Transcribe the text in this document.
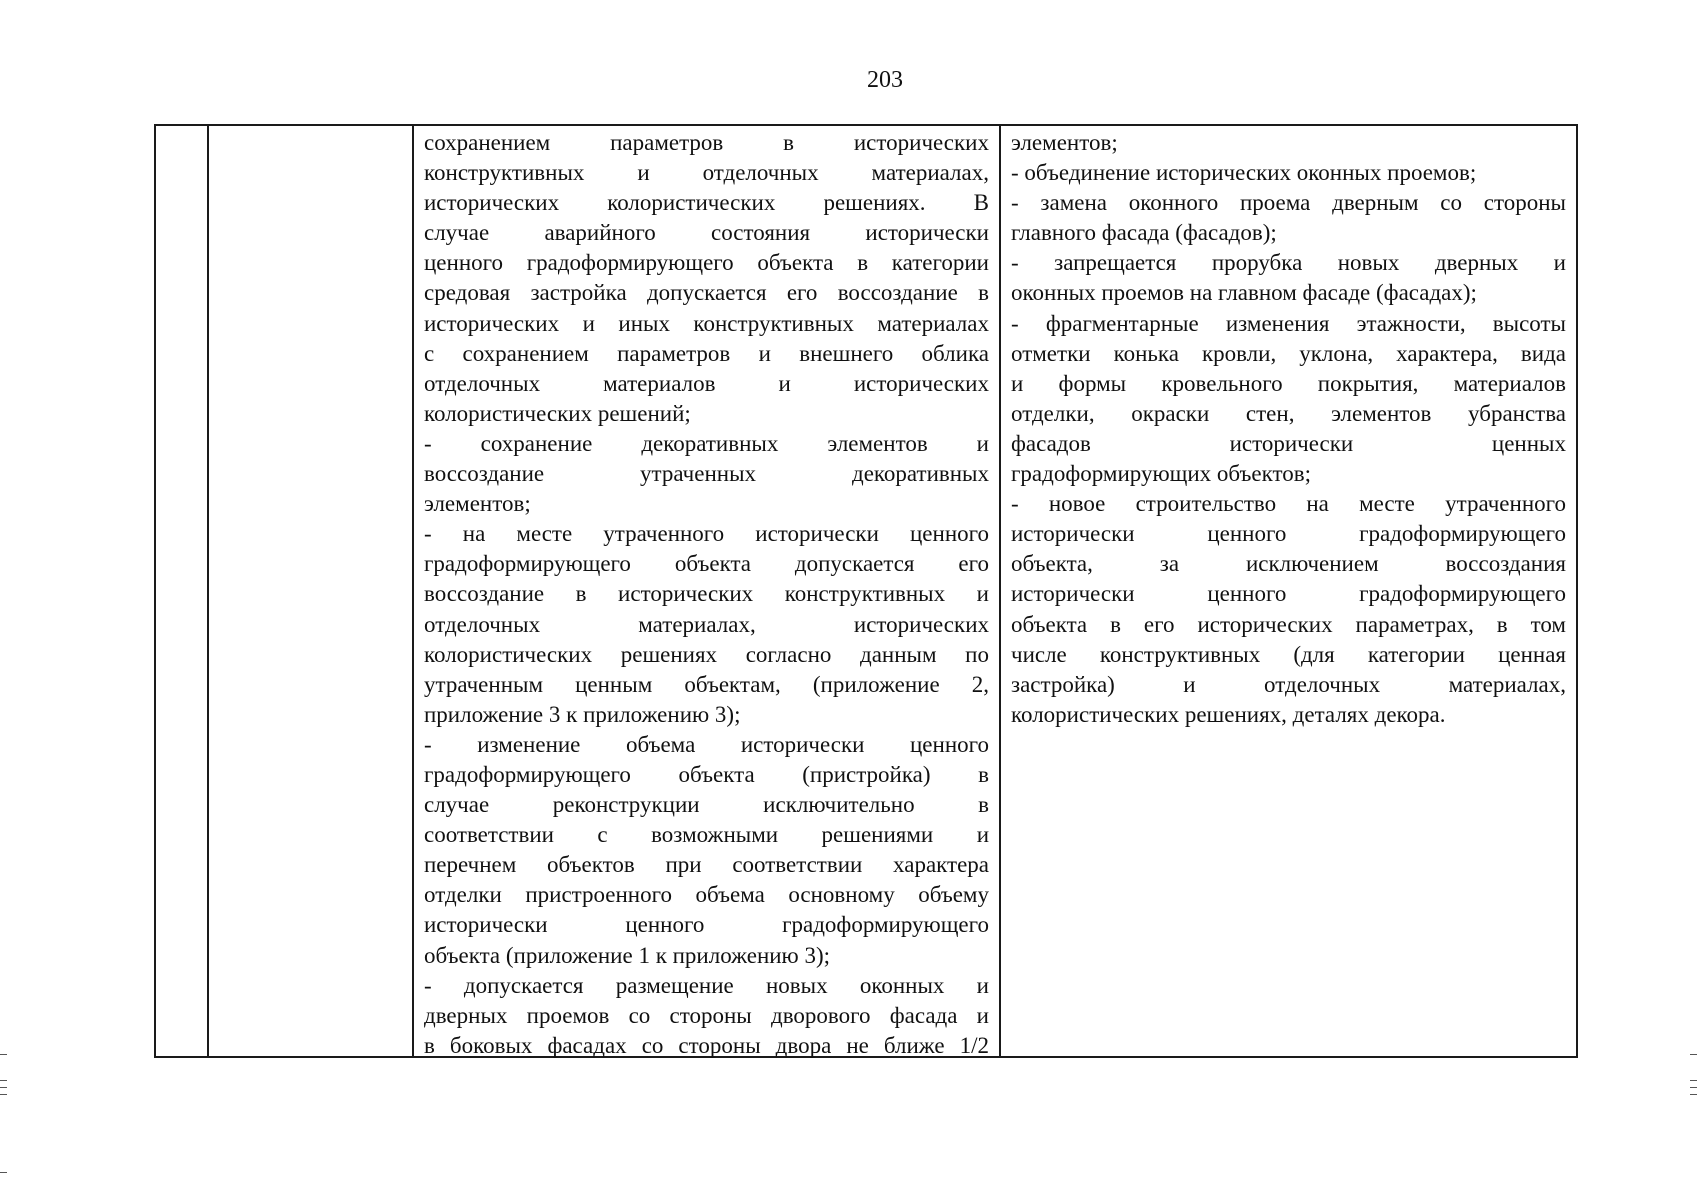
203
сохранением параметров в исторических
конструктивных и отделочных материалах,
исторических колористических решениях. В
случае аварийного состояния исторически
ценного градоформирующего объекта в категории
средовая застройка допускается его воссоздание в
исторических и иных конструктивных материалах
с сохранением параметров и внешнего облика
отделочных материалов и исторических
колористических решений;
- сохранение декоративных элементов и
воссоздание утраченных декоративных
элементов;
- на месте утраченного исторически ценного
градоформирующего объекта допускается его
воссоздание в исторических конструктивных и
отделочных материалах, исторических
колористических решениях согласно данным по
утраченным ценным объектам, (приложение 2,
приложение 3 к приложению 3);
- изменение объема исторически ценного
градоформирующего объекта (пристройка) в
случае реконструкции исключительно в
соответствии с возможными решениями и
перечнем объектов при соответствии характера
отделки пристроенного объема основному объему
исторически ценного градоформирующего
объекта (приложение 1 к приложению 3);
- допускается размещение новых оконных и
дверных проемов со стороны дворового фасада и
в боковых фасадах со стороны двора не ближе 1/2
элементов;
- объединение исторических оконных проемов;
- замена оконного проема дверным со стороны
главного фасада (фасадов);
- запрещается прорубка новых дверных и
оконных проемов на главном фасаде (фасадах);
- фрагментарные изменения этажности, высоты
отметки конька кровли, уклона, характера, вида
и формы кровельного покрытия, материалов
отделки, окраски стен, элементов убранства
фасадов исторически ценных
градоформирующих объектов;
- новое строительство на месте утраченного
исторически ценного градоформирующего
объекта, за исключением воссоздания
исторически ценного градоформирующего
объекта в его исторических параметрах, в том
числе конструктивных (для категории ценная
застройка) и отделочных материалах,
колористических решениях, деталях декора.
